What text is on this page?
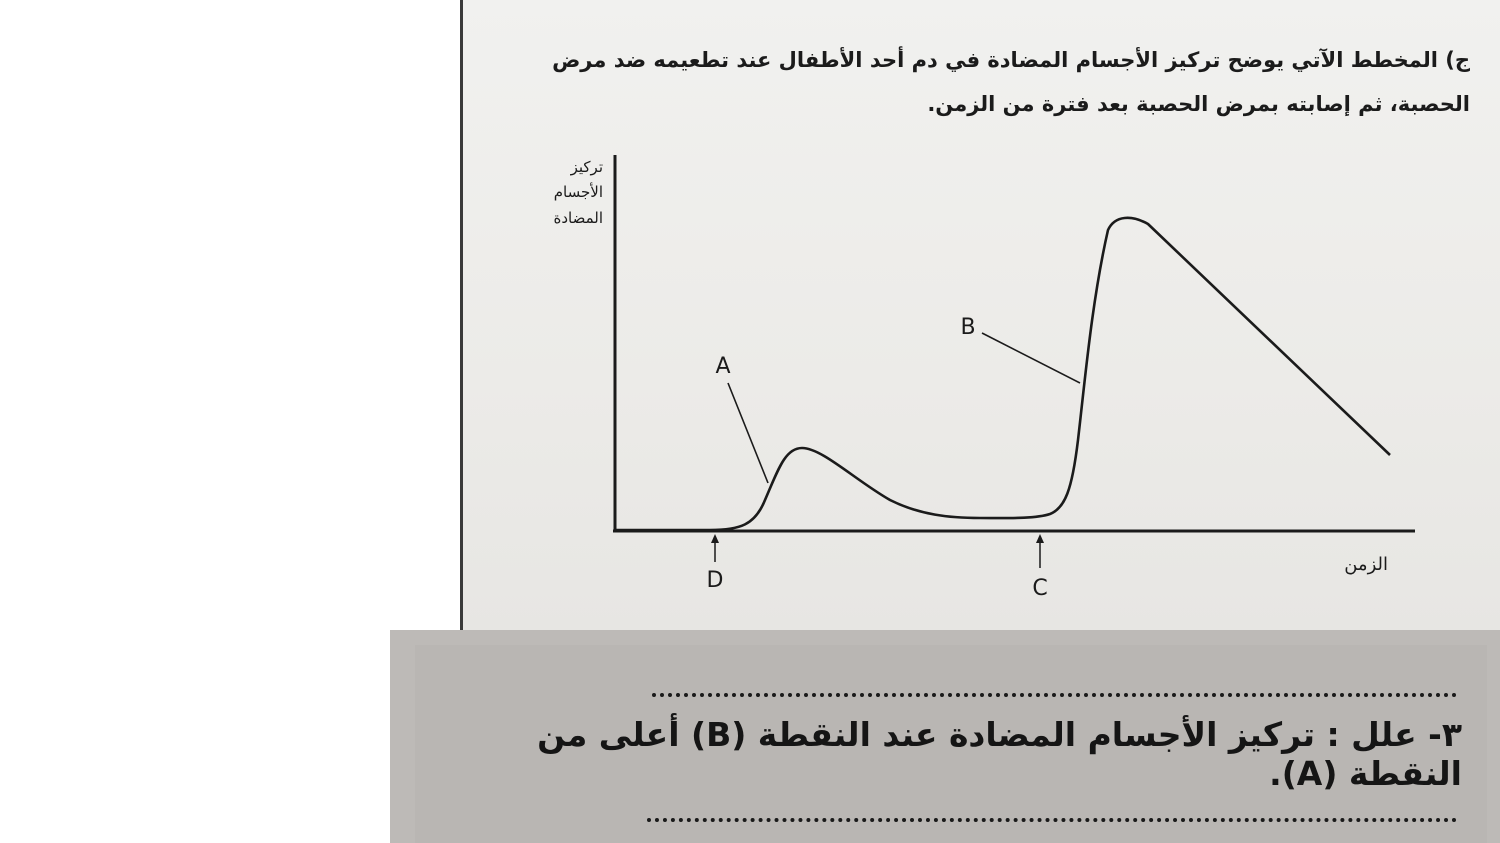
ج) المخطط الآتي يوضح تركيز الأجسام المضادة في دم أحد الأطفال عند تطعيمه ضد مرض الحصبة، ثم إصابته بمرض الحصبة بعد فترة من الزمن.
تركيز
الأجسام
المضادة
الزمن
A
B
D	C
٣- علل : تركيز الأجسام المضادة عند النقطة (B) أعلى من النقطة (A).
